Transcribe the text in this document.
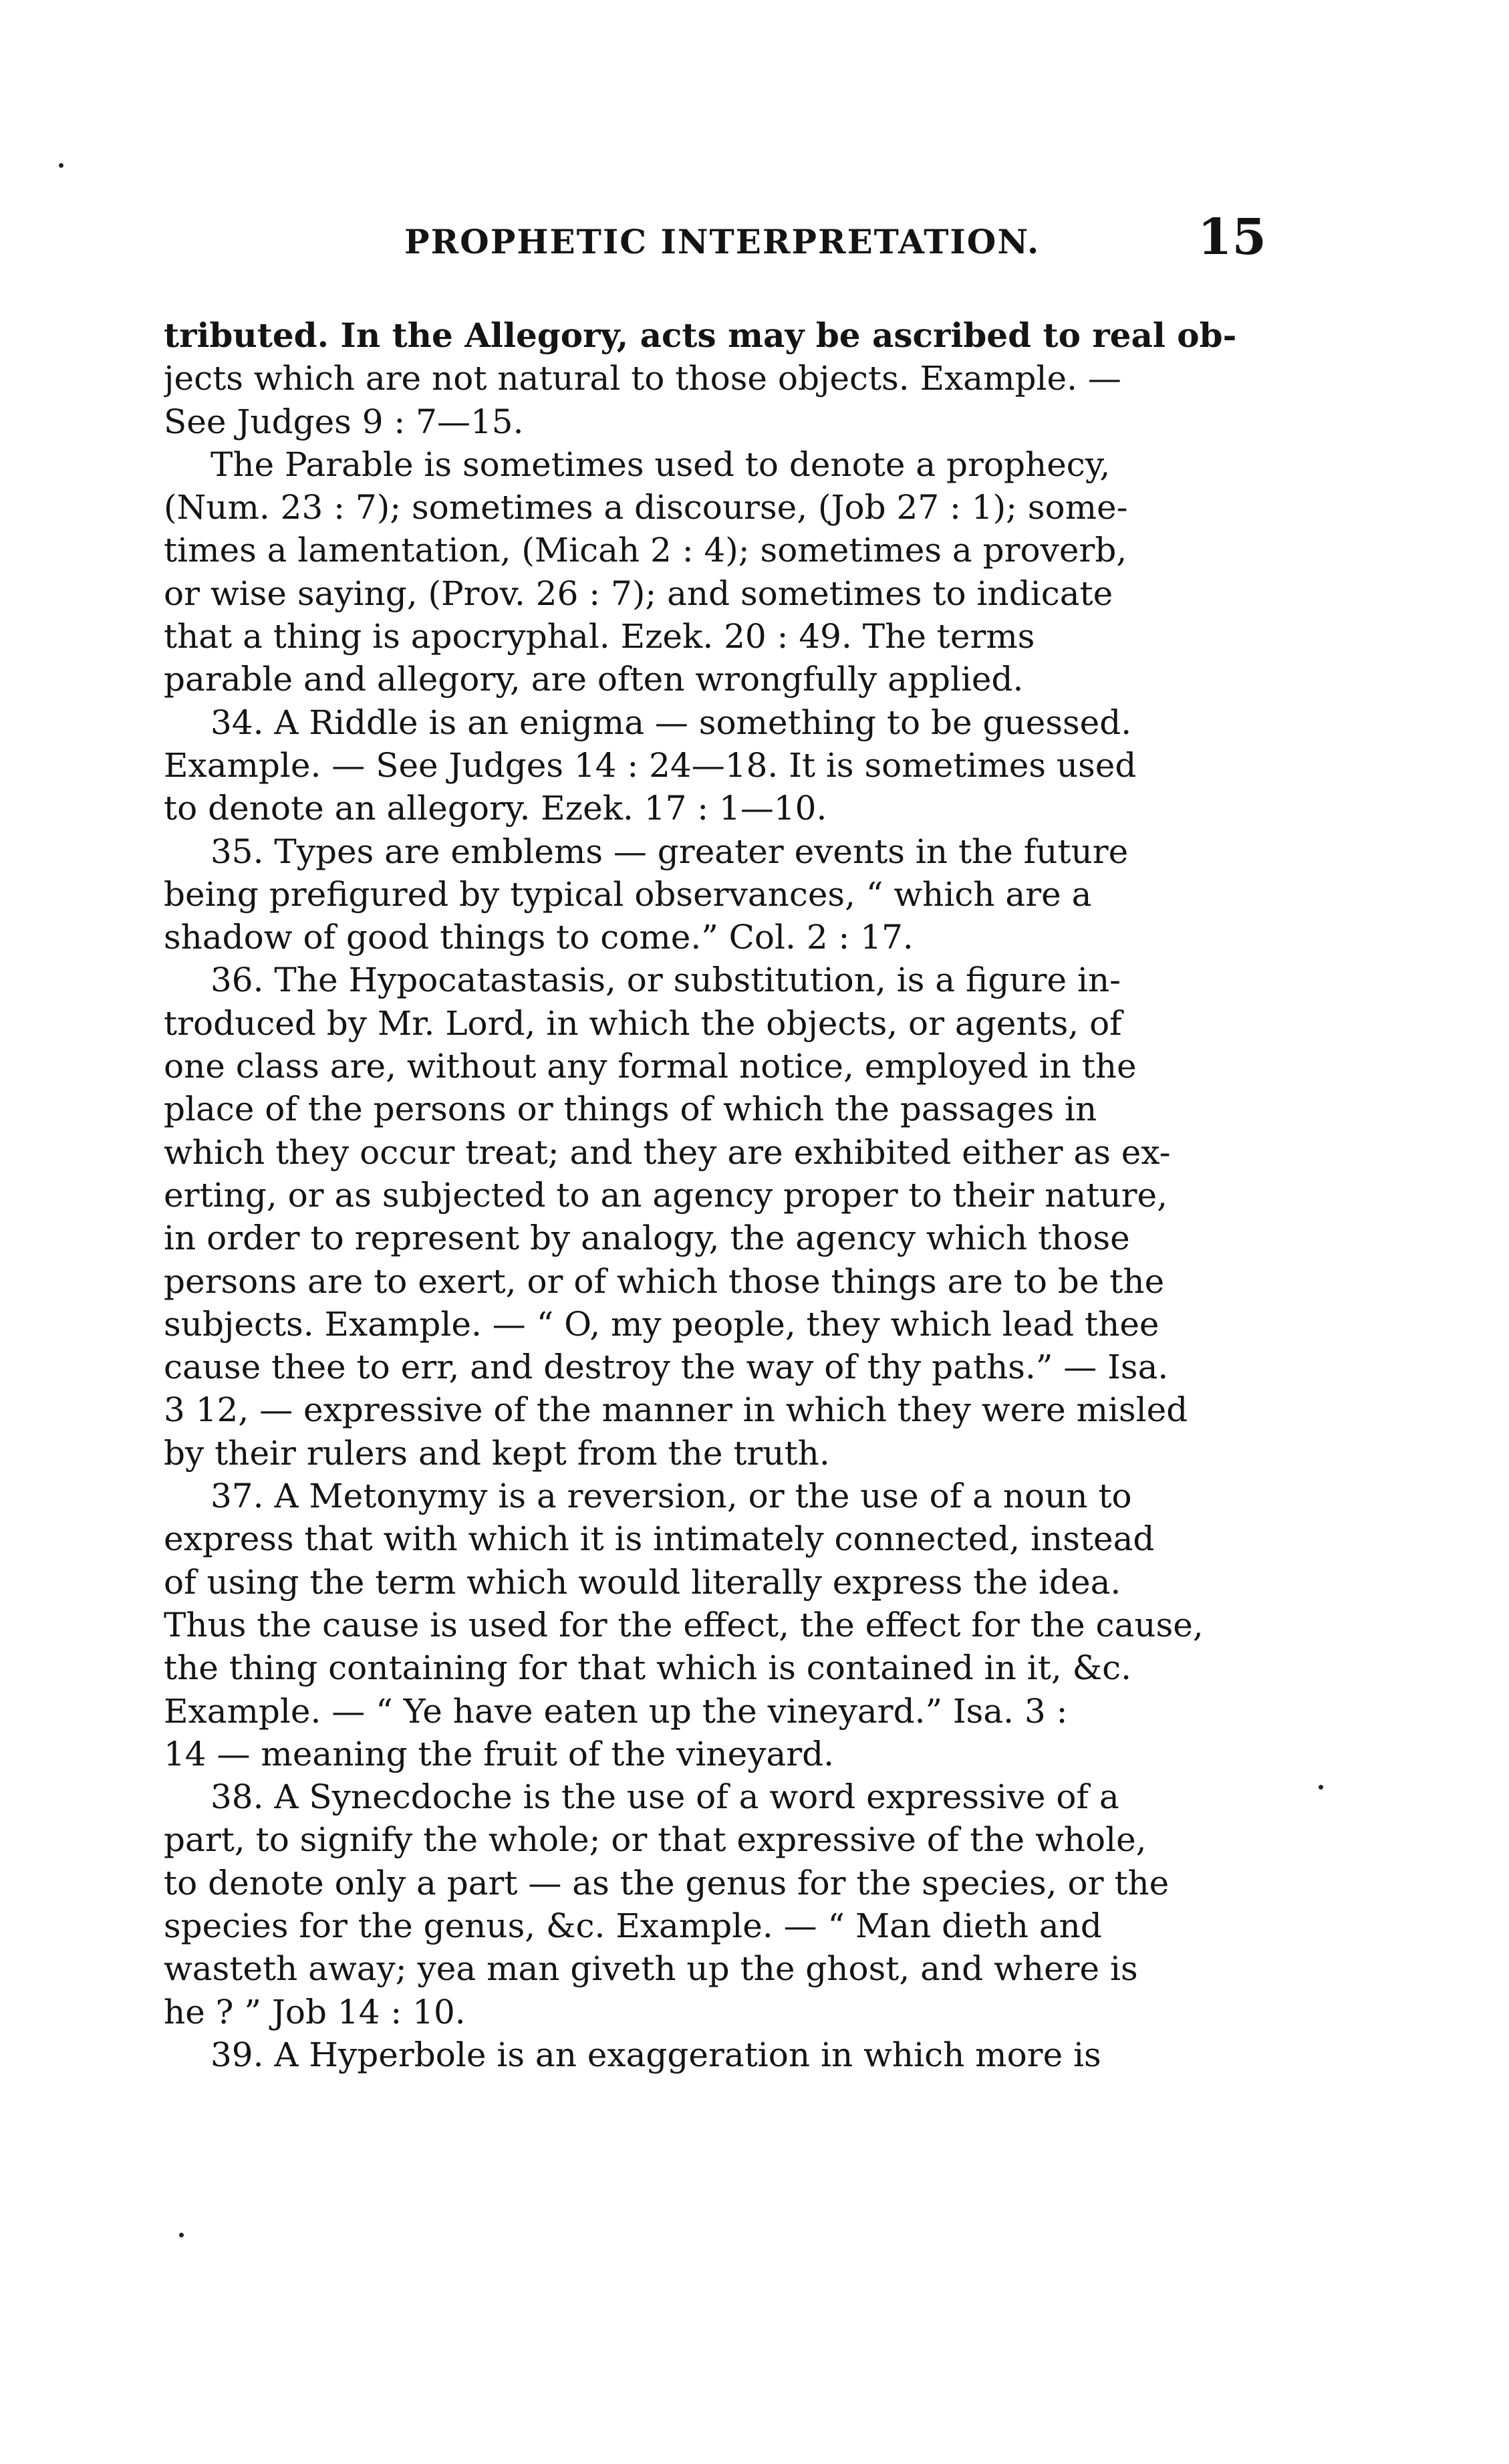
PROPHETIC INTERPRETATION.	15
tributed. In the Allegory, acts may be ascribed to real ob-
jects which are not natural to those objects. Example. —
See Judges 9 : 7—15.
The Parable is sometimes used to denote a prophecy,
(Num. 23 : 7); sometimes a discourse, (Job 27 : 1); some-
times a lamentation, (Micah 2 : 4); sometimes a proverb,
or wise saying, (Prov. 26 : 7); and sometimes to indicate
that a thing is apocryphal. Ezek. 20 : 49. The terms
parable and allegory, are often wrongfully applied.
34. A Riddle is an enigma — something to be guessed.
Example. — See Judges 14 : 24—18. It is sometimes used
to denote an allegory. Ezek. 17 : 1—10.
35. Types are emblems — greater events in the future
being prefigured by typical observances, “ which are a
shadow of good things to come.” Col. 2 : 17.
36. The Hypocatastasis, or substitution, is a figure in-
troduced by Mr. Lord, in which the objects, or agents, of
one class are, without any formal notice, employed in the
place of the persons or things of which the passages in
which they occur treat; and they are exhibited either as ex-
erting, or as subjected to an agency proper to their nature,
in order to represent by analogy, the agency which those
persons are to exert, or of which those things are to be the
subjects. Example. — “ O, my people, they which lead thee
cause thee to err, and destroy the way of thy paths.” — Isa.
3 12, — expressive of the manner in which they were misled
by their rulers and kept from the truth.
37. A Metonymy is a reversion, or the use of a noun to
express that with which it is intimately connected, instead
of using the term which would literally express the idea.
Thus the cause is used for the effect, the effect for the cause,
the thing containing for that which is contained in it, &c.
Example. — “ Ye have eaten up the vineyard.” Isa. 3 :
14 — meaning the fruit of the vineyard.
38. A Synecdoche is the use of a word expressive of a
part, to signify the whole; or that expressive of the whole,
to denote only a part — as the genus for the species, or the
species for the genus, &c. Example. — “ Man dieth and
wasteth away; yea man giveth up the ghost, and where is
he ? ” Job 14 : 10.
39. A Hyperbole is an exaggeration in which more is
